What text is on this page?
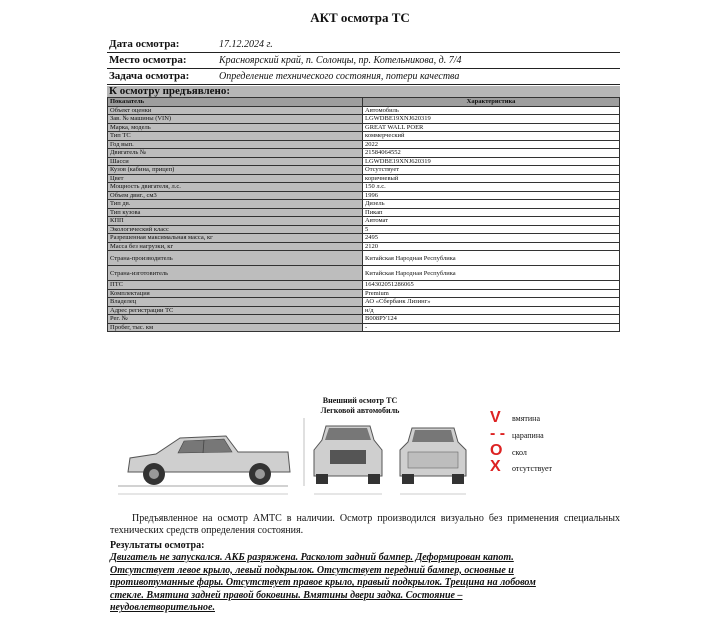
АКТ осмотра ТС
Дата осмотра:	17.12.2024 г.
Место осмотра:	Красноярский край, п. Солонцы, пр. Котельникова, д. 7/4
Задача осмотра:	Определение технического состояния, потери качества
К осмотру предъявлено:
Показатель	Характеристика
Объект оценки	Автомобиль
Зав. № машины (VIN)	LGWDBE19XNJ620319
Марка, модель	GREAT WALL POER
Тип ТС	коммерческий
Год вып.	2022
Двигатель №	21584064552
Шасси	LGWDBE19XNJ620319
Кузов (кабина, прицеп)	Отсутствует
Цвет	коричневый
Мощность двигателя, л.с.	150 л.с.
Объем двиг., см3	1996
Тип дв.	Дизель
Тип кузова	Пикап
КПП	Автомат
Экологический класс	5
Разрешенная максимальная масса, кг	2495
Масса без нагрузки, кг	2120
Страна-производитель	Китайская Народная Республика
Страна-изготовитель	Китайская Народная Республика
ПТС	164302051286065
Комплектация	Premium
Владелец	АО «Сбербанк Лизинг»
Адрес регистрации ТС	н/д
Рег. №	В008РУ124
Пробег, тыс. км	-
Внешний осмотр ТС
Легковой автомобиль	V вмятина
- - царапина
O скол
X отсутствует
Предъявленное на осмотр АМТС в наличии. Осмотр производился визуально без применения специальных технических средств определения состояния.
Результаты осмотра:
Двигатель не запускался. АКБ разряжена. Расколот задний бампер. Деформирован капот.
Отсутствует левое крыло, левый подкрылок. Отсутствует передний бампер, основные и
противотуманные фары. Отсутствует правое крыло, правый подкрылок. Трещина на лобовом
стекле. Вмятина задней правой боковины. Вмятины двери задка. Состояние –
неудовлетворительное.
